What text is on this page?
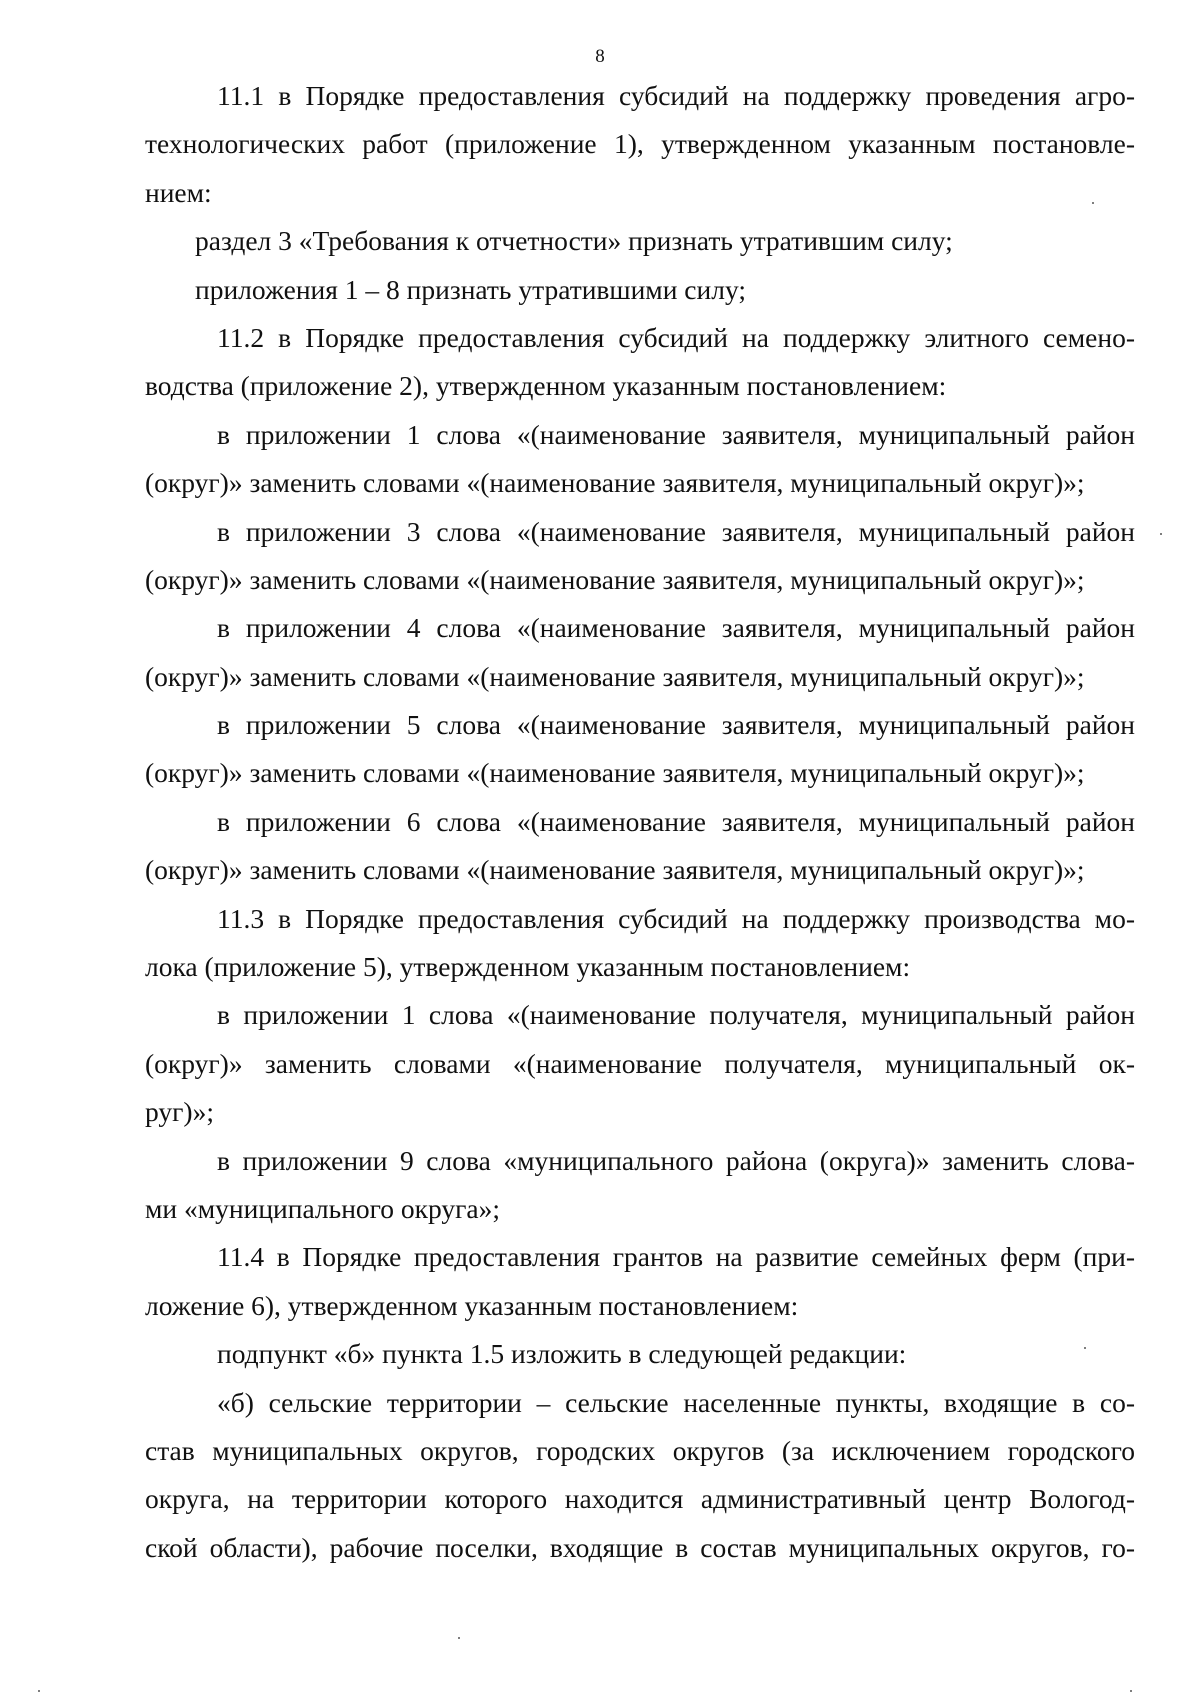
8
11.1 в Порядке предоставления субсидий на поддержку проведения агро-
технологических работ (приложение 1), утвержденном указанным постановле-
нием:
раздел 3 «Требования к отчетности» признать утратившим силу;
приложения 1 – 8 признать утратившими силу;
11.2 в Порядке предоставления субсидий на поддержку элитного семено-
водства (приложение 2), утвержденном указанным постановлением:
в приложении 1 слова «(наименование заявителя, муниципальный район
(округ)» заменить словами «(наименование заявителя, муниципальный округ)»;
в приложении 3 слова «(наименование заявителя, муниципальный район
(округ)» заменить словами «(наименование заявителя, муниципальный округ)»;
в приложении 4 слова «(наименование заявителя, муниципальный район
(округ)» заменить словами «(наименование заявителя, муниципальный округ)»;
в приложении 5 слова «(наименование заявителя, муниципальный район
(округ)» заменить словами «(наименование заявителя, муниципальный округ)»;
в приложении 6 слова «(наименование заявителя, муниципальный район
(округ)» заменить словами «(наименование заявителя, муниципальный округ)»;
11.3 в Порядке предоставления субсидий на поддержку производства мо-
лока (приложение 5), утвержденном указанным постановлением:
в приложении 1 слова «(наименование получателя, муниципальный район
(округ)» заменить словами «(наименование получателя, муниципальный ок-
руг)»;
в приложении 9 слова «муниципального района (округа)» заменить слова-
ми «муниципального округа»;
11.4 в Порядке предоставления грантов на развитие семейных ферм (при-
ложение 6), утвержденном указанным постановлением:
подпункт «б» пункта 1.5 изложить в следующей редакции:
«б) сельские территории – сельские населенные пункты, входящие в со-
став муниципальных округов, городских округов (за исключением городского
округа, на территории которого находится административный центр Вологод-
ской области), рабочие поселки, входящие в состав муниципальных округов, го-
